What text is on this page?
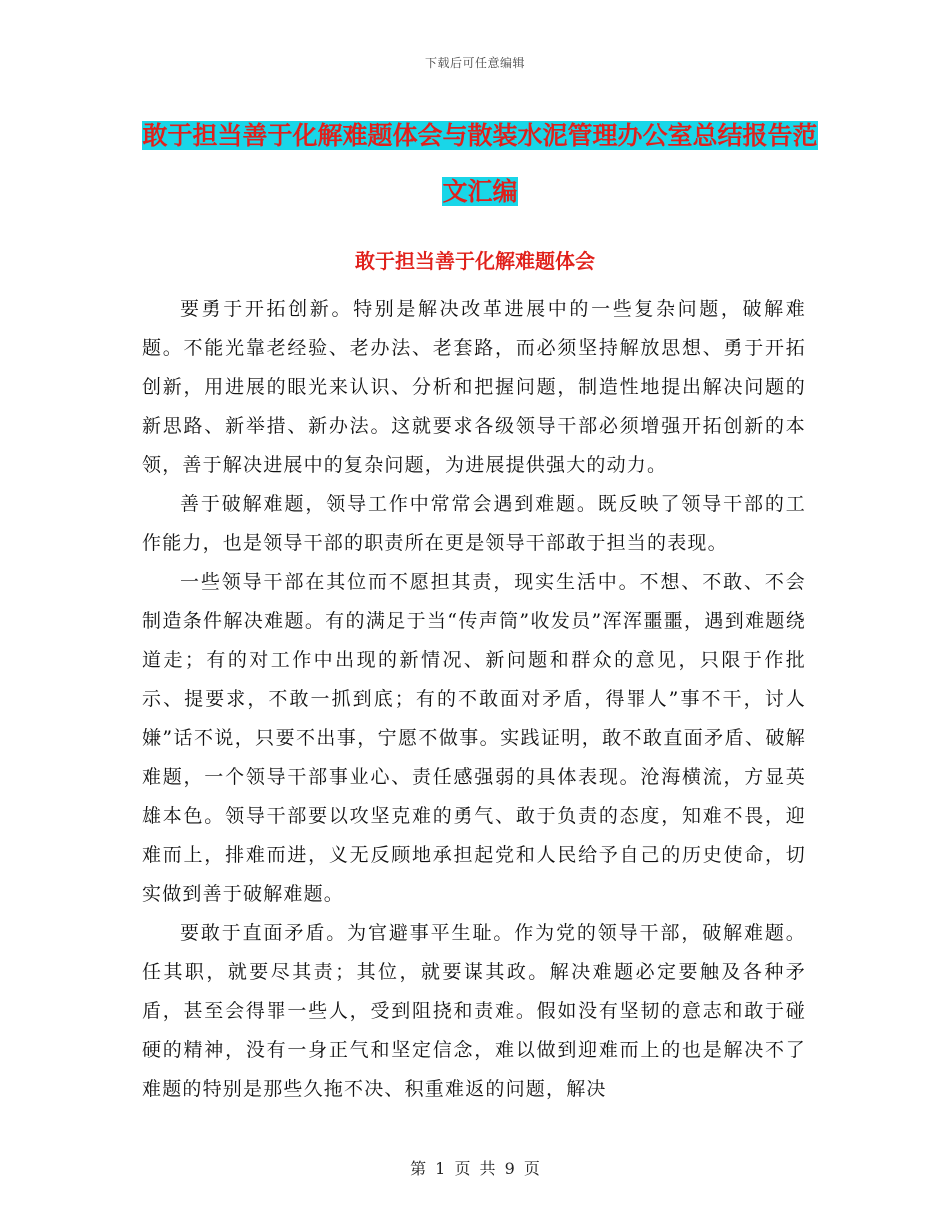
下载后可任意编辑
敢于担当善于化解难题体会与散装水泥管理办公室总结报告范文汇编
敢于担当善于化解难题体会

要勇于开拓创新。特别是解决改革进展中的一些复杂问题，破解难题。不能光靠老经验、老办法、老套路，而必须坚持解放思想、勇于开拓创新，用进展的眼光来认识、分析和把握问题，制造性地提出解决问题的新思路、新举措、新办法。这就要求各级领导干部必须增强开拓创新的本领，善于解决进展中的复杂问题，为进展提供强大的动力。

善于破解难题，领导工作中常常会遇到难题。既反映了领导干部的工作能力，也是领导干部的职责所在更是领导干部敢于担当的表现。

一些领导干部在其位而不愿担其责，现实生活中。不想、不敢、不会制造条件解决难题。有的满足于当“传声筒”收发员”浑浑噩噩，遇到难题绕道走；有的对工作中出现的新情况、新问题和群众的意见，只限于作批示、提要求，不敢一抓到底；有的不敢面对矛盾，得罪人”事不干，讨人嫌”话不说，只要不出事，宁愿不做事。实践证明，敢不敢直面矛盾、破解难题，一个领导干部事业心、责任感强弱的具体表现。沧海横流，方显英雄本色。领导干部要以攻坚克难的勇气、敢于负责的态度，知难不畏，迎难而上，排难而进，义无反顾地承担起党和人民给予自己的历史使命，切实做到善于破解难题。

要敢于直面矛盾。为官避事平生耻。作为党的领导干部，破解难题。任其职，就要尽其责；其位，就要谋其政。解决难题必定要触及各种矛盾，甚至会得罪一些人，受到阻挠和责难。假如没有坚韧的意志和敢于碰硬的精神，没有一身正气和坚定信念，难以做到迎难而上的也是解决不了难题的特别是那些久拖不决、积重难返的问题，解决

第 1 页 共 9 页
